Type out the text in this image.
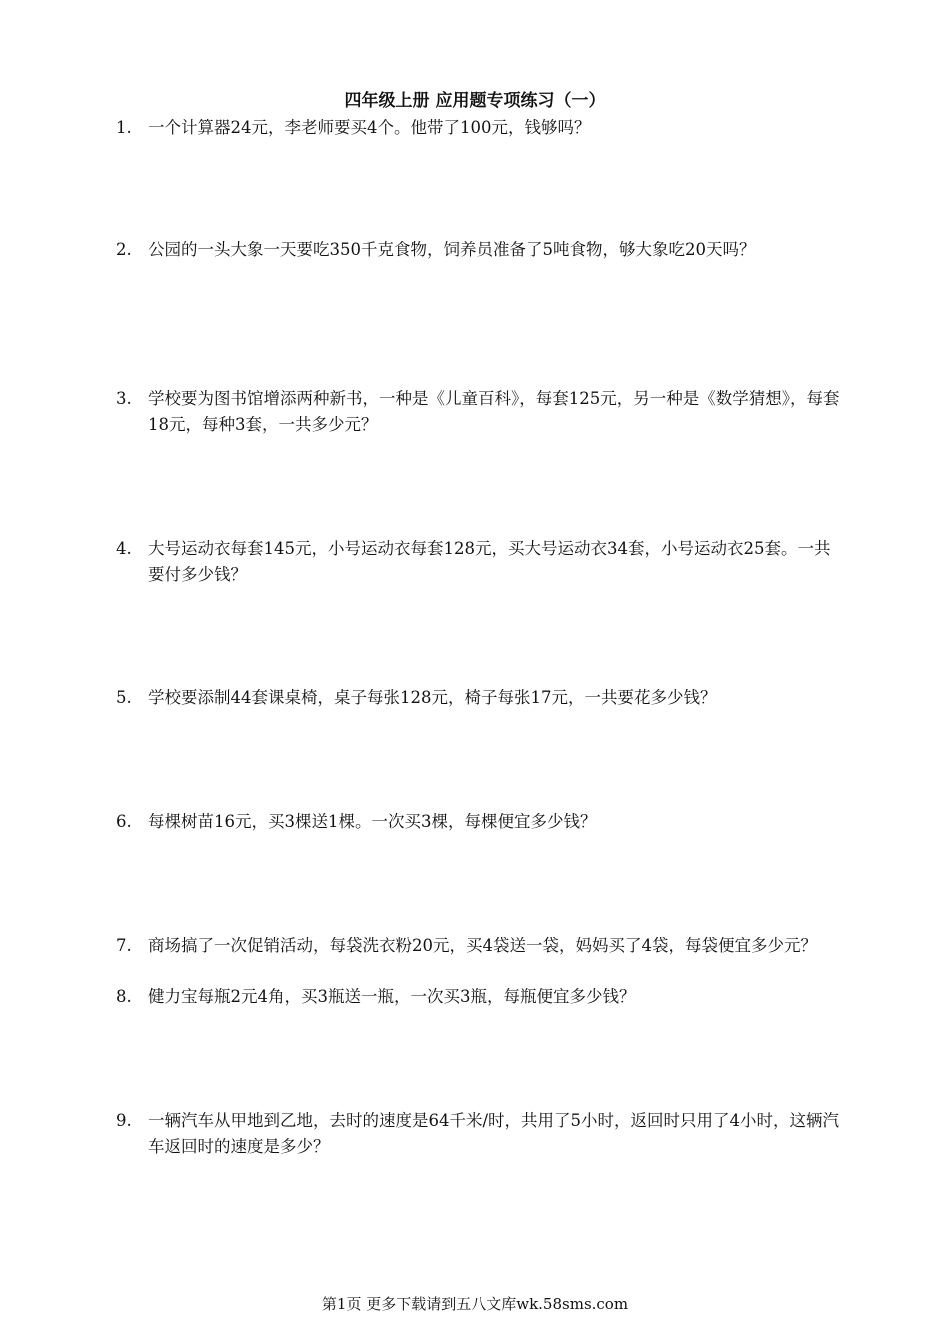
四年级上册 应用题专项练习（一）
1. 一个计算器24元，李老师要买4个。他带了100元，钱够吗？
2. 公园的一头大象一天要吃350千克食物，饲养员准备了5吨食物，够大象吃20天吗？
3. 学校要为图书馆增添两种新书，一种是《儿童百科》，每套125元，另一种是《数学猜想》，每套18元，每种3套，一共多少元？
4. 大号运动衣每套145元，小号运动衣每套128元，买大号运动衣34套，小号运动衣25套。一共要付多少钱？
5. 学校要添制44套课桌椅，桌子每张128元，椅子每张17元，一共要花多少钱？
6. 每棵树苗16元，买3棵送1棵。一次买3棵，每棵便宜多少钱？
7. 商场搞了一次促销活动，每袋洗衣粉20元，买4袋送一袋，妈妈买了4袋，每袋便宜多少元？
8. 健力宝每瓶2元4角，买3瓶送一瓶，一次买3瓶，每瓶便宜多少钱？
9. 一辆汽车从甲地到乙地，去时的速度是64千米/时，共用了5小时，返回时只用了4小时，这辆汽车返回时的速度是多少？
第1页 更多下载请到五八文库wk.58sms.com
